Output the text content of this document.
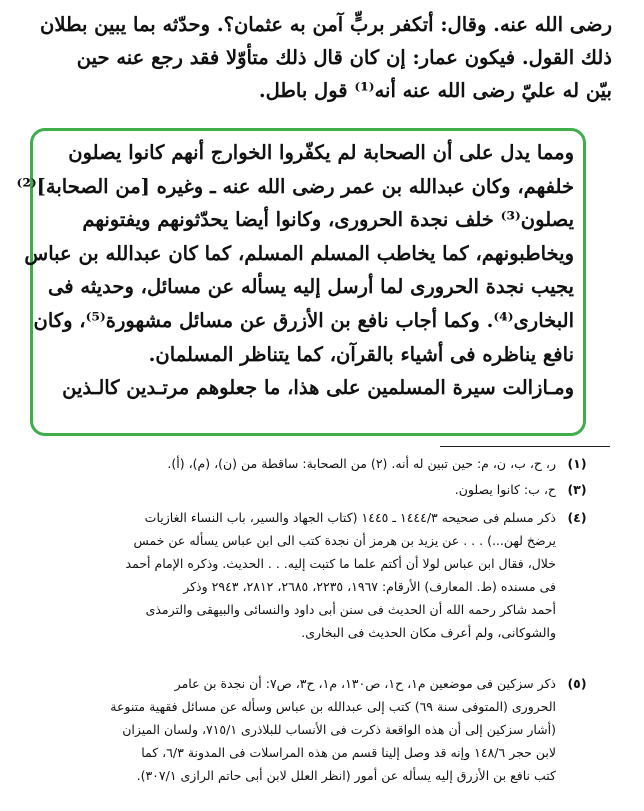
رضى الله عنه. وقال: أتكفر بربٍّ آمن به عثمان؟. وحدّثه بما يبين بطلان
ذلك القول. فيكون عمار: إن كان قال ذلك متأوّلا فقد رجع عنه حين
بيّن له عليّ رضى الله عنه أنه⁽¹⁾ قول باطل.
ومما يدل على أن الصحابة لم يكفّروا الخوارج أنهم كانوا يصلون
خلفهم، وكان عبدالله بن عمر رضى الله عنه ـ وغيره [من الصحابة]⁽²⁾
يصلون⁽³⁾ خلف نجدة الحرورى، وكانوا أيضا يحدّثونهم ويفتونهم
ويخاطبونهم، كما يخاطب المسلم المسلم، كما كان عبدالله بن عباس
يجيب نجدة الحرورى لما أرسل إليه يسأله عن مسائل، وحديثه فى
البخارى⁽⁴⁾. وكما أجاب نافع بن الأزرق عن مسائل مشهورة⁽⁵⁾، وكان
نافع يناظره فى أشياء بالقرآن، كما يتناظر المسلمان.
ومـازالت سيرة المسلمين على هذا، ما جعلوهم مرتـدين كالـذين
(١)
ر، ح، ب، ن، م: حين تبين له أنه. (٢) من الصحابة: ساقطة من (ن)، (م)، (أ).
(٣)
ح، ب: كانوا يصلون.
(٤)
ذكر مسلم فى صحيحه ١٤٤٤/٣ ـ ١٤٤٥ (كتاب الجهاد والسير، باب النساء الغازيات
يرضخ لهن...) . . . عن يزيد بن هرمز أن نجدة كتب الى ابن عباس يسأله عن خمس
خلال، فقال ابن عباس لولا أن أكتم علما ما كتبت إليه. . . الحديث. وذكره الإمام أحمد
فى مسنده (ط. المعارف) الأرقام: ١٩٦٧، ٢٢٣٥، ٢٦٨٥، ٢٨١٢، ٢٩٤٣ وذكر
أحمد شاكر رحمه الله أن الحديث فى سنن أبى داود والنسائى والبيهقى والترمذى
والشوكانى، ولم أعرف مكان الحديث فى البخارى.
(٥)
ذكر سزكين فى موضعين م١، ح١، ص١٣٠، م١، ح٣، ص٧: أن نجدة بن عامر
الحرورى (المتوفى سنة ٦٩) كتب إلى عبدالله بن عباس وسأله عن مسائل فقهية متنوعة
(أشار سزكين إلى أن هذه الواقعة ذكرت فى الأنساب للبلاذرى ٧١٥/١، ولسان الميزان
لابن حجر ١٤٨/٦ وإنه قد وصل إلينا قسم من هذه المراسلات فى المدونة ٦/٣، كما
كتب نافع بن الأزرق إليه يسأله عن أمور (انظر العلل لابن أبى حاتم الرازى ٣٠٧/١).
